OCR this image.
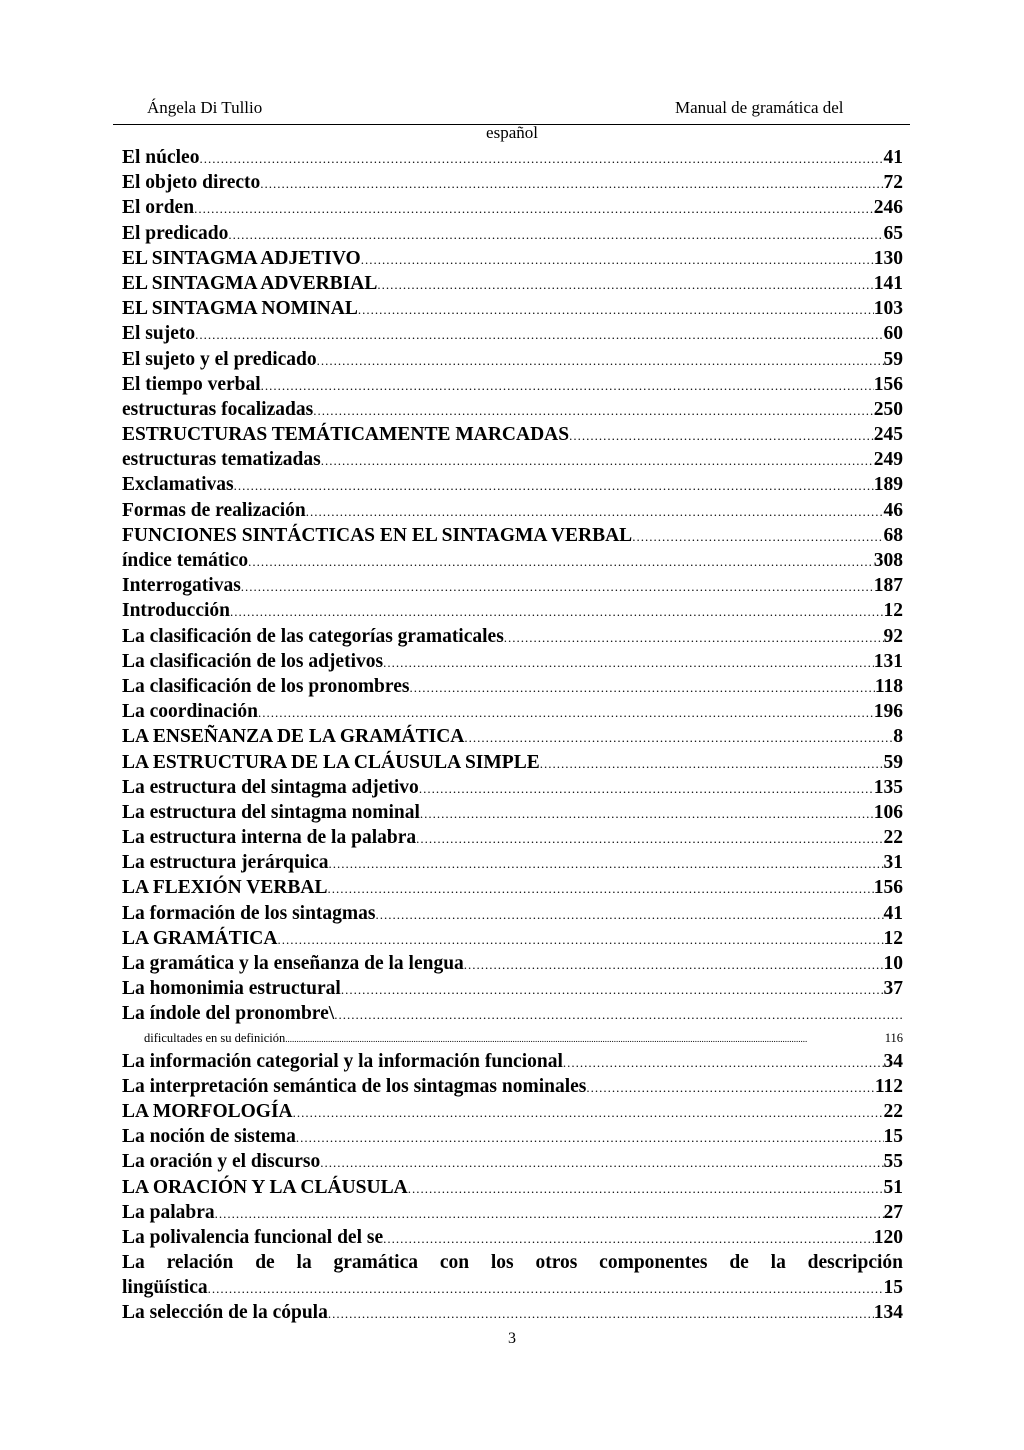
Ángela Di Tullio	Manual de gramática del
español
El núcleo .....	41
El objeto directo .....	72
El orden .....	246
El predicado .....	65
EL SINTAGMA ADJETIVO .....	130
EL SINTAGMA ADVERBIAL .....	141
EL SINTAGMA NOMINAL .....	103
El sujeto .....	60
El sujeto y el predicado .....	59
El tiempo verbal .....	156
estructuras focalizadas .....	250
ESTRUCTURAS TEMÁTICAMENTE MARCADAS .....	245
estructuras tematizadas .....	249
Exclamativas .....	189
Formas de realización .....	46
FUNCIONES SINTÁCTICAS EN EL SINTAGMA VERBAL .....	68
índice temático .....	308
Interrogativas .....	187
Introducción .....	12
La clasificación de las categorías gramaticales .....	92
La clasificación de los adjetivos .....	131
La clasificación de los pronombres .....	118
La coordinación .....	196
LA ENSEÑANZA DE LA GRAMÁTICA .....	8
LA ESTRUCTURA DE LA CLÁUSULA SIMPLE .....	59
La estructura del sintagma adjetivo .....	135
La estructura del sintagma nominal .....	106
La estructura interna de la palabra .....	22
La estructura jerárquica .....	31
LA FLEXIÓN VERBAL .....	156
La formación de los sintagmas .....	41
LA GRAMÁTICA .....	12
La gramática y la enseñanza de la lengua .....	10
La homonimia estructural .....	37
La índole del pronombre\
.....
dificultades en su definición .....	116
La información categorial y la información funcional .....	34
La interpretación semántica de los sintagmas nominales .....	112
LA MORFOLOGÍA .....	22
La noción de sistema .....	15
La oración y el discurso .....	55
LA ORACIÓN Y LA CLÁUSULA .....	51
La palabra .....	27
La polivalencia funcional del se .....	120
La relación de la gramática con los otros componentes de la descripción
lingüística .....	15
La selección de la cópula .....	134
3
